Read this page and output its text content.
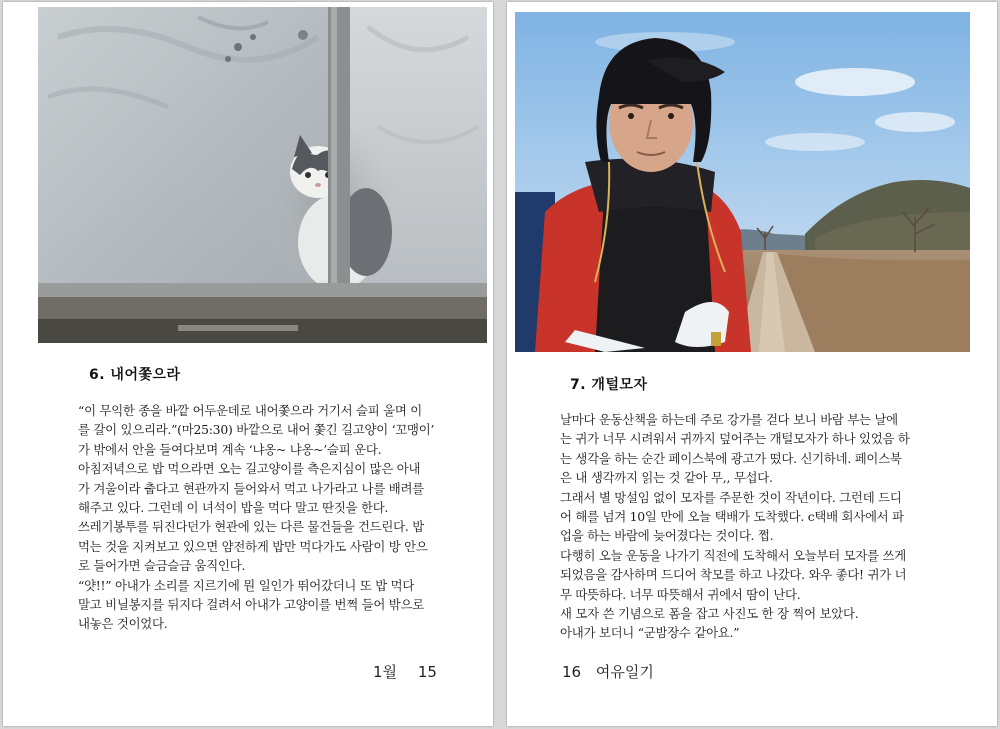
6. 내어쫓으라
“이 무익한 종을 바깥 어두운데로 내어쫓으라 거기서 슬피 울며 이
를 갈이 있으리라.”(마25:30) 바깥으로 내어 쫓긴 길고양이 ‘꼬맹이’
가 밖에서 안을 들여다보며 계속 ‘냐옹~ 냐옹~’슬피 운다.
아침저녁으로 밥 먹으라면 오는 길고양이를 측은지심이 많은 아내
가 겨울이라 춥다고 현관까지 들어와서 먹고 나가라고 나를 배려를
해주고 있다. 그런데 이 녀석이 밥을 먹다 말고 딴짓을 한다.
쓰레기봉투를 뒤진다던가 현관에 있는 다른 물건들을 건드린다. 밥
먹는 것을 지켜보고 있으면 얌전하게 밥만 먹다가도 사람이 방 안으
로 들어가면 슬금슬금 움직인다.
“얏!!” 아내가 소리를 지르기에 뭔 일인가 뛰어갔더니 또 밥 먹다
말고 비닐봉지를 뒤지다 걸려서 아내가 고양이를 번쩍 들어 밖으로
내놓은 것이었다.
1월 15
7. 개털모자
날마다 운동산책을 하는데 주로 강가를 걷다 보니 바람 부는 날에
는 귀가 너무 시려워서 귀까지 덮어주는 개털모자가 하나 있었음 하
는 생각을 하는 순간 페이스북에 광고가 떴다. 신기하네. 페이스북
은 내 생각까지 읽는 것 같아 무,, 무섭다.
그래서 별 망설임 없이 모자를 주문한 것이 작년이다. 그런데 드디
어 해를 넘겨 10일 만에 오늘 택배가 도착했다. c택배 회사에서 파
업을 하는 바람에 늦어졌다는 것이다. 쩝.
다행히 오늘 운동을 나가기 직전에 도착해서 오늘부터 모자를 쓰게
되었음을 감사하며 드디어 착모를 하고 나갔다. 와우 좋다! 귀가 너
무 따뜻하다. 너무 따뜻해서 귀에서 땀이 난다.
새 모자 쓴 기념으로 폼을 잡고 사진도 한 장 찍어 보았다.
아내가 보더니 “군밤장수 같아요.”
16 여유일기
